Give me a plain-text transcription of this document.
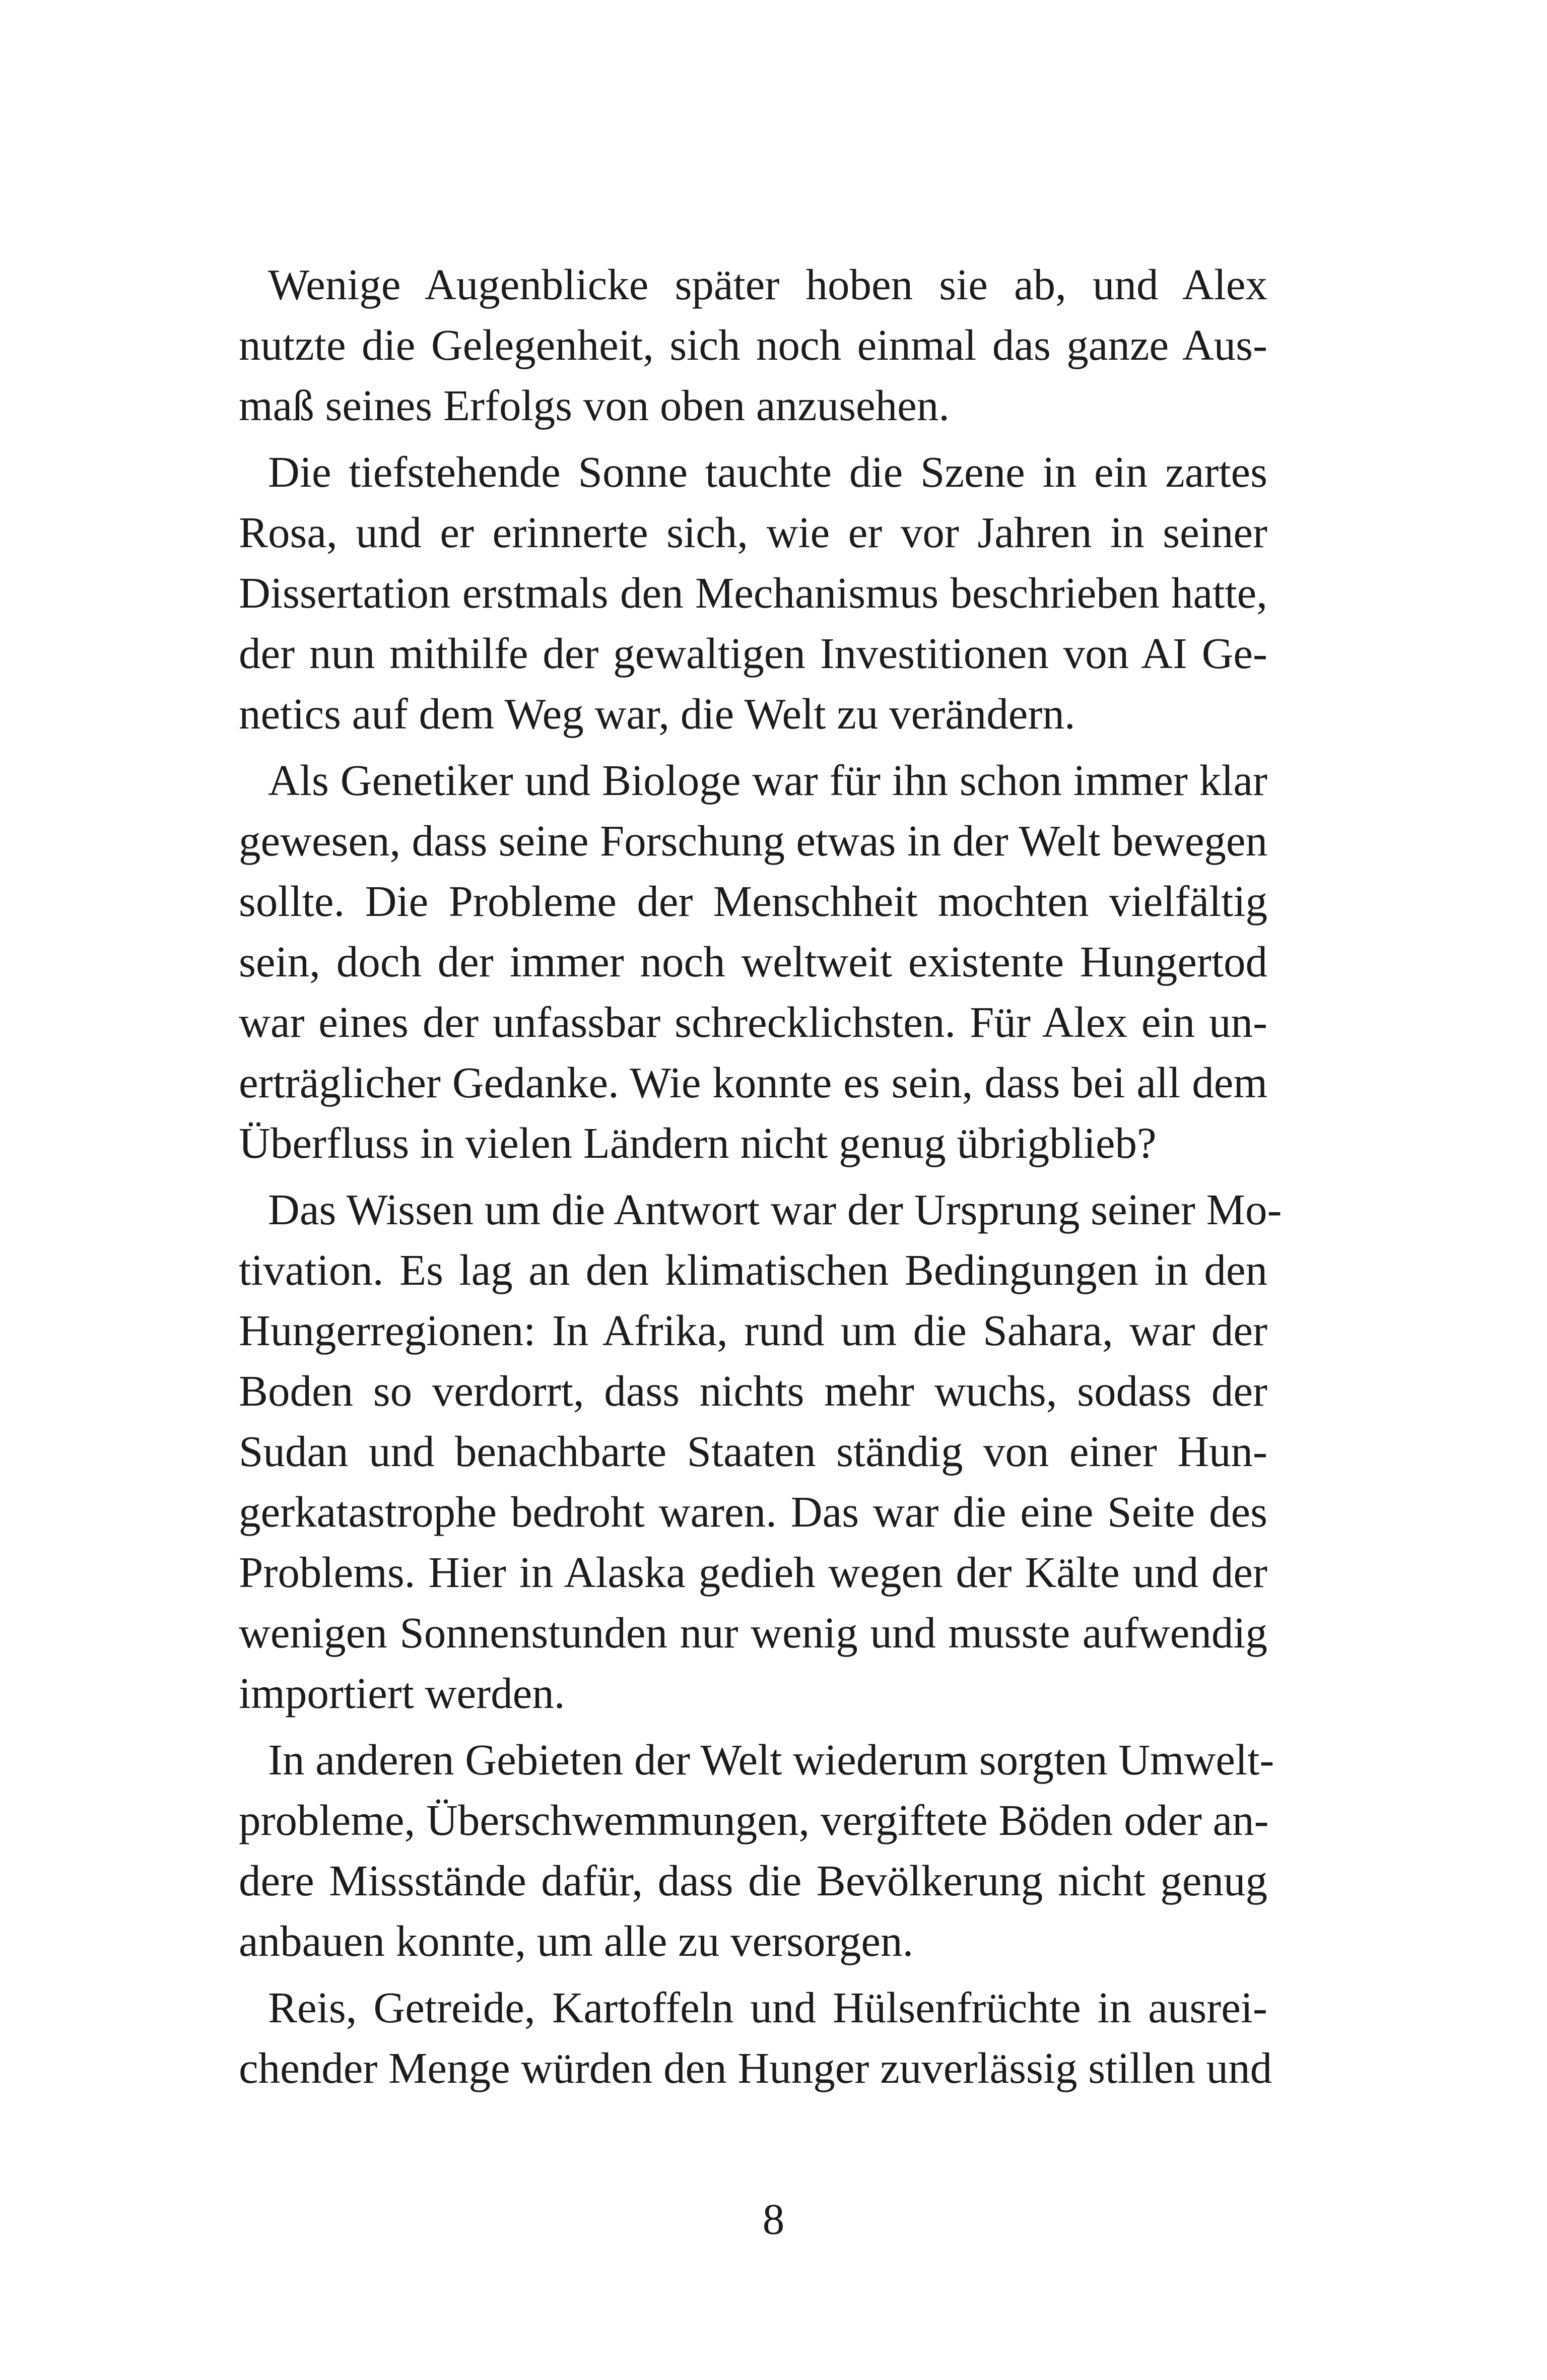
Wenige Augenblicke später hoben sie ab, und Alex
nutzte die Gelegenheit, sich noch einmal das ganze Aus-
maß seines Erfolgs von oben anzusehen.

Die tiefstehende Sonne tauchte die Szene in ein zartes
Rosa, und er erinnerte sich, wie er vor Jahren in seiner
Dissertation erstmals den Mechanismus beschrieben hatte,
der nun mithilfe der gewaltigen Investitionen von AI Ge-
netics auf dem Weg war, die Welt zu verändern.

Als Genetiker und Biologe war für ihn schon immer klar
gewesen, dass seine Forschung etwas in der Welt bewegen
sollte. Die Probleme der Menschheit mochten vielfältig
sein, doch der immer noch weltweit existente Hungertod
war eines der unfassbar schrecklichsten. Für Alex ein un-
erträglicher Gedanke. Wie konnte es sein, dass bei all dem
Überfluss in vielen Ländern nicht genug übrigblieb?

Das Wissen um die Antwort war der Ursprung seiner Mo-
tivation. Es lag an den klimatischen Bedingungen in den
Hungerregionen: In Afrika, rund um die Sahara, war der
Boden so verdorrt, dass nichts mehr wuchs, sodass der
Sudan und benachbarte Staaten ständig von einer Hun-
gerkatastrophe bedroht waren. Das war die eine Seite des
Problems. Hier in Alaska gedieh wegen der Kälte und der
wenigen Sonnenstunden nur wenig und musste aufwendig
importiert werden.

In anderen Gebieten der Welt wiederum sorgten Umwelt-
probleme, Überschwemmungen, vergiftete Böden oder an-
dere Missstände dafür, dass die Bevölkerung nicht genug
anbauen konnte, um alle zu versorgen.

Reis, Getreide, Kartoffeln und Hülsenfrüchte in ausrei-
chender Menge würden den Hunger zuverlässig stillen und

8
